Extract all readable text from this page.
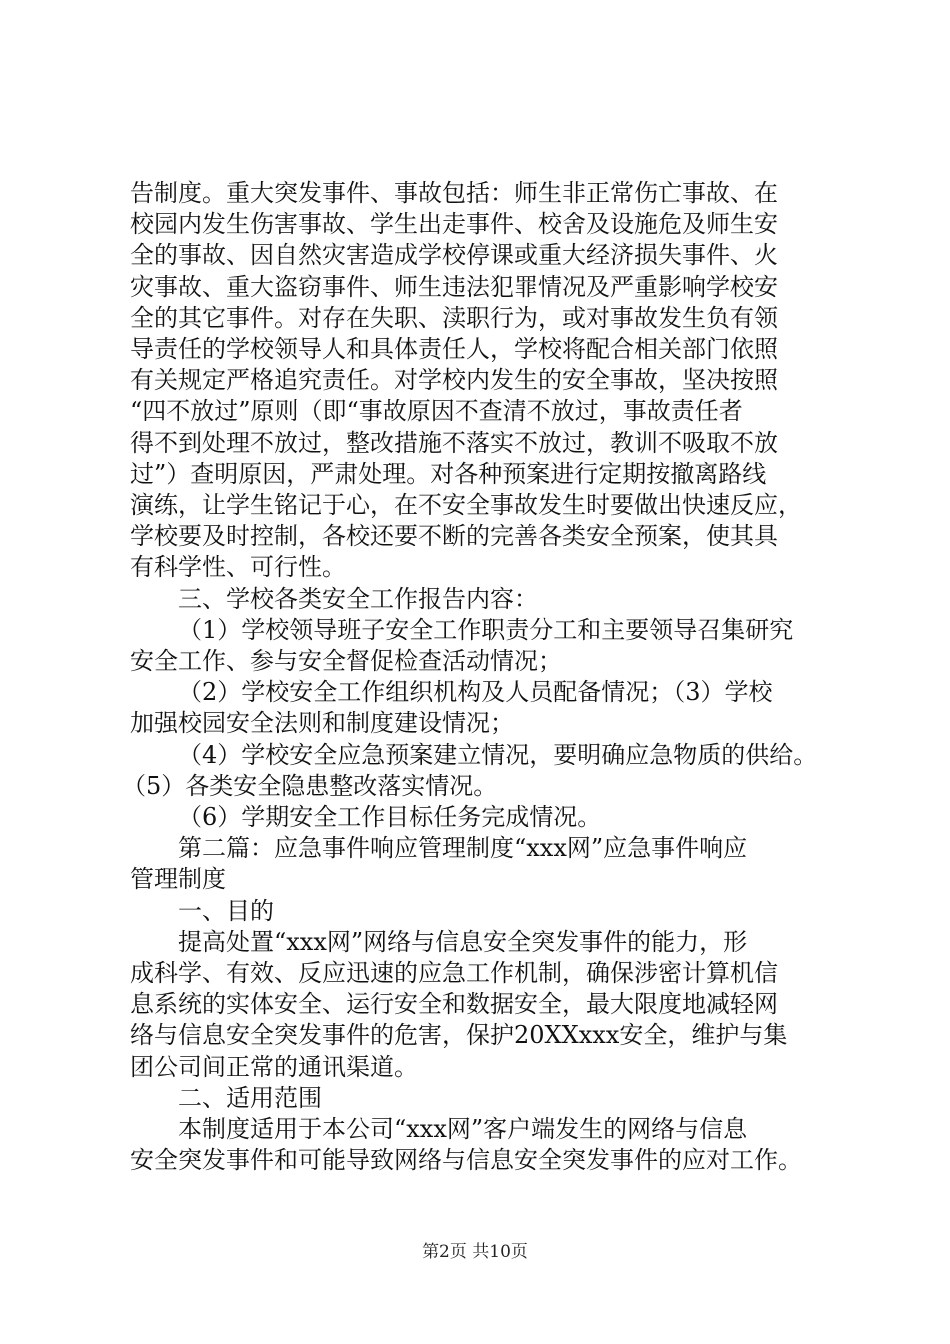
告制度。重大突发事件、事故包括：师生非正常伤亡事故、在
校园内发生伤害事故、学生出走事件、校舍及设施危及师生安
全的事故、因自然灾害造成学校停课或重大经济损失事件、火
灾事故、重大盗窃事件、师生违法犯罪情况及严重影响学校安
全的其它事件。对存在失职、渎职行为，或对事故发生负有领
导责任的学校领导人和具体责任人，学校将配合相关部门依照
有关规定严格追究责任。对学校内发生的安全事故，坚决按照
“四不放过”原则（即“事故原因不查清不放过，事故责任者
得不到处理不放过，整改措施不落实不放过，教训不吸取不放
过”）查明原因，严肃处理。对各种预案进行定期按撤离路线
演练，让学生铭记于心，在不安全事故发生时要做出快速反应，
学校要及时控制，各校还要不断的完善各类安全预案，使其具
有科学性、可行性。
三、学校各类安全工作报告内容：
（1）学校领导班子安全工作职责分工和主要领导召集研究
安全工作、参与安全督促检查活动情况；
（2）学校安全工作组织机构及人员配备情况；（3）学校
加强校园安全法则和制度建设情况；
（4）学校安全应急预案建立情况，要明确应急物质的供给。
（5）各类安全隐患整改落实情况。
（6）学期安全工作目标任务完成情况。
第二篇：应急事件响应管理制度“xxx网”应急事件响应
管理制度
一、目的
提高处置“xxx网”网络与信息安全突发事件的能力，形
成科学、有效、反应迅速的应急工作机制，确保涉密计算机信
息系统的实体安全、运行安全和数据安全，最大限度地减轻网
络与信息安全突发事件的危害，保护20XXxxx安全，维护与集
团公司间正常的通讯渠道。
二、适用范围
本制度适用于本公司“xxx网”客户端发生的网络与信息
安全突发事件和可能导致网络与信息安全突发事件的应对工作。
第2页 共10页
